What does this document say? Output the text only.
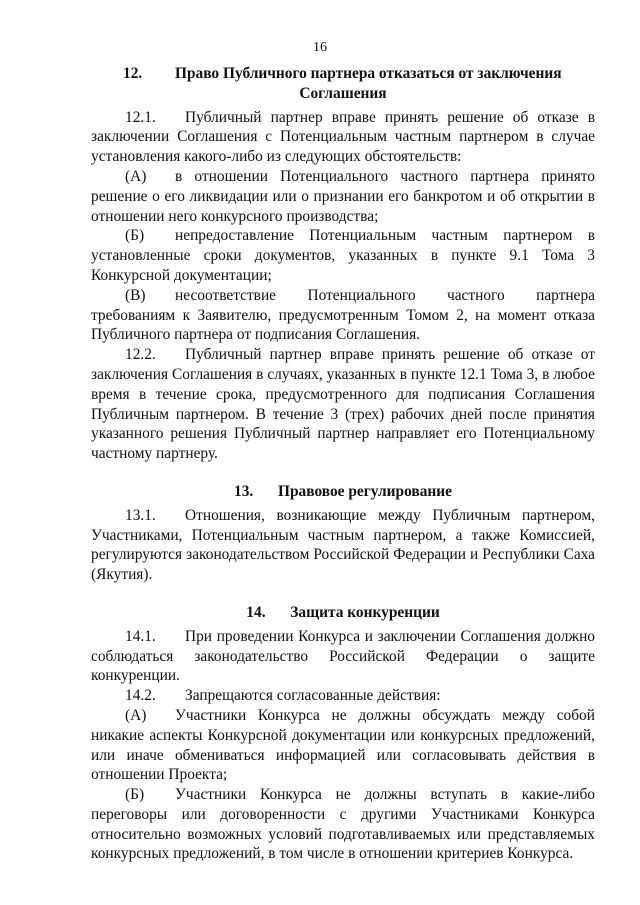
16
12. Право Публичного партнера отказаться от заключения
Соглашения

12.1. Публичный партнер вправе принять решение об отказе в заключении Соглашения с Потенциальным частным партнером в случае установления какого-либо из следующих обстоятельств:

(А) в отношении Потенциального частного партнера принято решение о его ликвидации или о признании его банкротом и об открытии в отношении него конкурсного производства;

(Б) непредоставление Потенциальным частным партнером в установленные сроки документов, указанных в пункте 9.1 Тома 3 Конкурсной документации;

(В) несоответствие Потенциального частного партнера требованиям к Заявителю, предусмотренным Томом 2, на момент отказа Публичного партнера от подписания Соглашения.

12.2. Публичный партнер вправе принять решение об отказе от заключения Соглашения в случаях, указанных в пункте 12.1 Тома 3, в любое время в течение срока, предусмотренного для подписания Соглашения Публичным партнером. В течение 3 (трех) рабочих дней после принятия указанного решения Публичный партнер направляет его Потенциальному частному партнеру.

13. Правовое регулирование

13.1. Отношения, возникающие между Публичным партнером, Участниками, Потенциальным частным партнером, а также Комиссией, регулируются законодательством Российской Федерации и Республики Саха (Якутия).

14. Защита конкуренции

14.1. При проведении Конкурса и заключении Соглашения должно соблюдаться законодательство Российской Федерации о защите конкуренции.

14.2. Запрещаются согласованные действия:

(А) Участники Конкурса не должны обсуждать между собой никакие аспекты Конкурсной документации или конкурсных предложений, или иначе обмениваться информацией или согласовывать действия в отношении Проекта;

(Б) Участники Конкурса не должны вступать в какие-либо переговоры или договоренности с другими Участниками Конкурса относительно возможных условий подготавливаемых или представляемых конкурсных предложений, в том числе в отношении критериев Конкурса.
